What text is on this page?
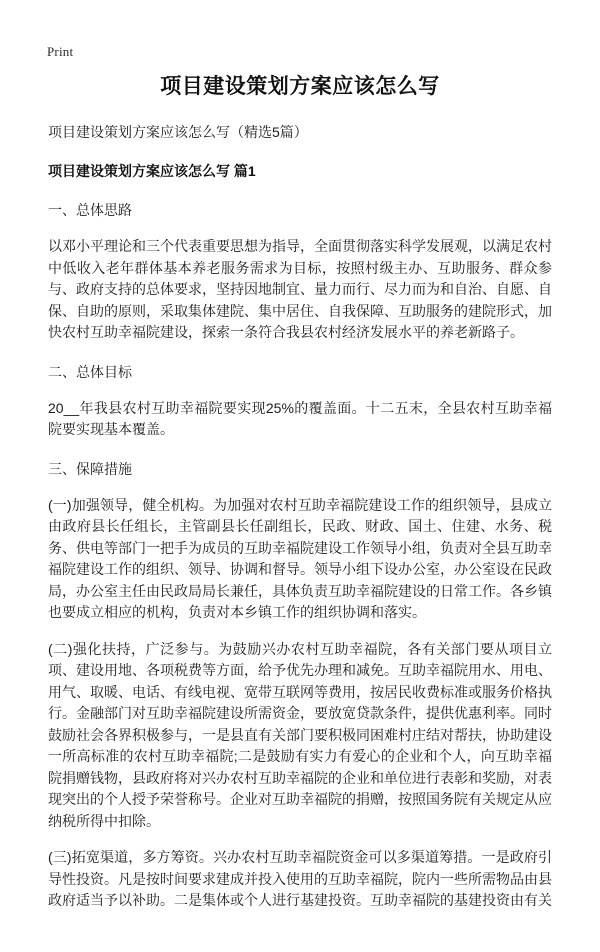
Print
项目建设策划方案应该怎么写

项目建设策划方案应该怎么写（精选5篇）

项目建设策划方案应该怎么写 篇1

一、总体思路

以邓小平理论和三个代表重要思想为指导，全面贯彻落实科学发展观，以满足农村中低收入老年群体基本养老服务需求为目标，按照村级主办、互助服务、群众参与、政府支持的总体要求，坚持因地制宜、量力而行、尽力而为和自治、自愿、自保、自助的原则，采取集体建院、集中居住、自我保障、互助服务的建院形式，加快农村互助幸福院建设，探索一条符合我县农村经济发展水平的养老新路子。

二、总体目标

20__年我县农村互助幸福院要实现25%的覆盖面。十二五末，全县农村互助幸福院要实现基本覆盖。

三、保障措施

(一)加强领导，健全机构。为加强对农村互助幸福院建设工作的组织领导，县成立由政府县长任组长，主管副县长任副组长，民政、财政、国土、住建、水务、税务、供电等部门一把手为成员的互助幸福院建设工作领导小组，负责对全县互助幸福院建设工作的组织、领导、协调和督导。领导小组下设办公室，办公室设在民政局，办公室主任由民政局局长兼任，具体负责互助幸福院建设的日常工作。各乡镇也要成立相应的机构，负责对本乡镇工作的组织协调和落实。

(二)强化扶持，广泛参与。为鼓励兴办农村互助幸福院，各有关部门要从项目立项、建设用地、各项税费等方面，给予优先办理和减免。互助幸福院用水、用电、用气、取暖、电话、有线电视、宽带互联网等费用，按居民收费标准或服务价格执行。金融部门对互助幸福院建设所需资金，要放宽贷款条件，提供优惠利率。同时鼓励社会各界积极参与，一是县直有关部门要积极同困难村庄结对帮扶，协助建设一所高标准的农村互助幸福院;二是鼓励有实力有爱心的企业和个人，向互助幸福院捐赠钱物，县政府将对兴办农村互助幸福院的企业和单位进行表彰和奖励，对表现突出的个人授予荣誉称号。企业对互助幸福院的捐赠，按照国务院有关规定从应纳税所得中扣除。

(三)拓宽渠道，多方筹资。兴办农村互助幸福院资金可以多渠道筹措。一是政府引导性投资。凡是按时间要求建成并投入使用的互助幸福院，院内一些所需物品由县政府适当予以补助。二是集体或个人进行基建投资。互助幸福院的基建投资由有关
